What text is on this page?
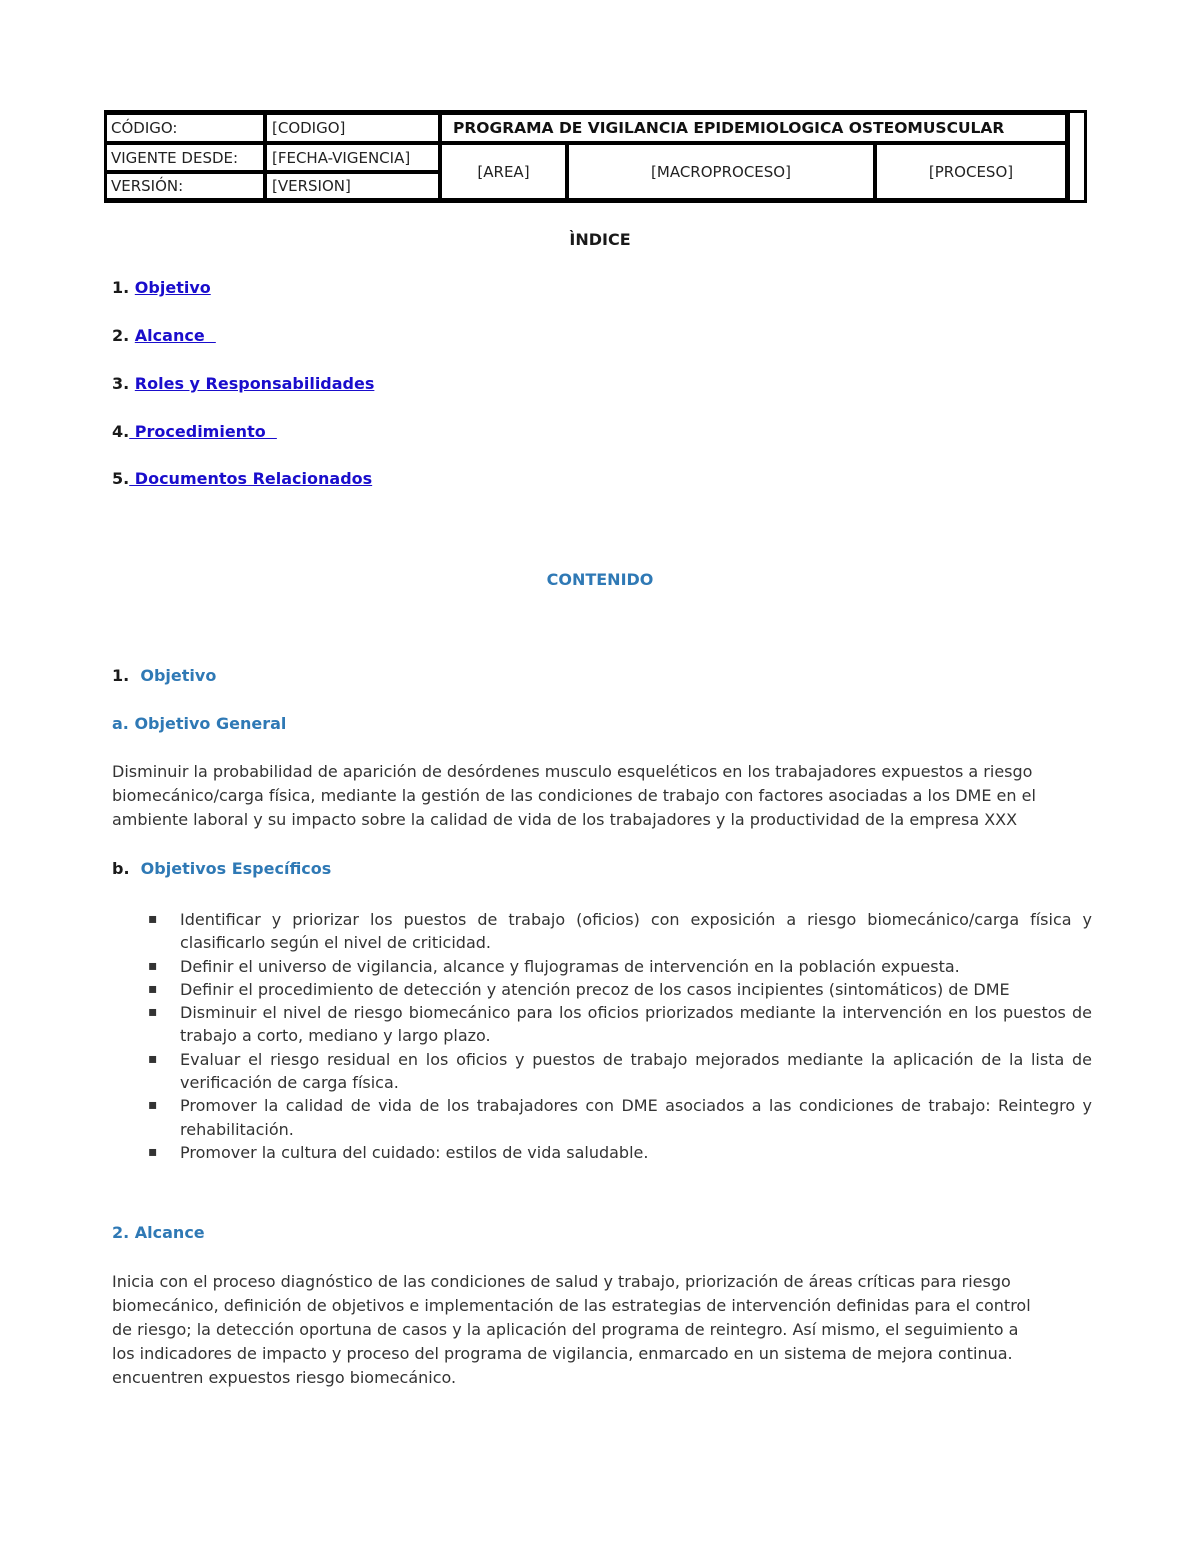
CÓDIGO:	[CODIGO]	PROGRAMA DE VIGILANCIA EPIDEMIOLOGICA OSTEOMUSCULAR
VIGENTE DESDE:	[FECHA-VIGENCIA]
VERSIÓN:	[VERSION]
[AREA]	[MACROPROCESO]	[PROCESO]
ÌNDICE
1. Objetivo
2. Alcance
3. Roles y Responsabilidades
4. Procedimiento
5. Documentos Relacionados
CONTENIDO
1. Objetivo
a. Objetivo General
Disminuir la probabilidad de aparición de desórdenes musculo esqueléticos en los trabajadores expuestos a riesgo
biomecánico/carga física, mediante la gestión de las condiciones de trabajo con factores asociadas a los DME en el
ambiente laboral y su impacto sobre la calidad de vida de los trabajadores y la productividad de la empresa XXX
b. Objetivos Específicos
▪ Identificar y priorizar los puestos de trabajo (oficios) con exposición a riesgo biomecánico/carga física y clasificarlo según el nivel de criticidad.
▪ Definir el universo de vigilancia, alcance y flujogramas de intervención en la población expuesta.
▪ Definir el procedimiento de detección y atención precoz de los casos incipientes (sintomáticos) de DME
▪ Disminuir el nivel de riesgo biomecánico para los oficios priorizados mediante la intervención en los puestos de trabajo a corto, mediano y largo plazo.
▪ Evaluar el riesgo residual en los oficios y puestos de trabajo mejorados mediante la aplicación de la lista de verificación de carga física.
▪ Promover la calidad de vida de los trabajadores con DME asociados a las condiciones de trabajo: Reintegro y rehabilitación.
▪ Promover la cultura del cuidado: estilos de vida saludable.
2. Alcance
Inicia con el proceso diagnóstico de las condiciones de salud y trabajo, priorización de áreas críticas para riesgo
biomecánico, definición de objetivos e implementación de las estrategias de intervención definidas para el control
de riesgo; la detección oportuna de casos y la aplicación del programa de reintegro. Así mismo, el seguimiento a
los indicadores de impacto y proceso del programa de vigilancia, enmarcado en un sistema de mejora continua.
encuentren expuestos riesgo biomecánico.
